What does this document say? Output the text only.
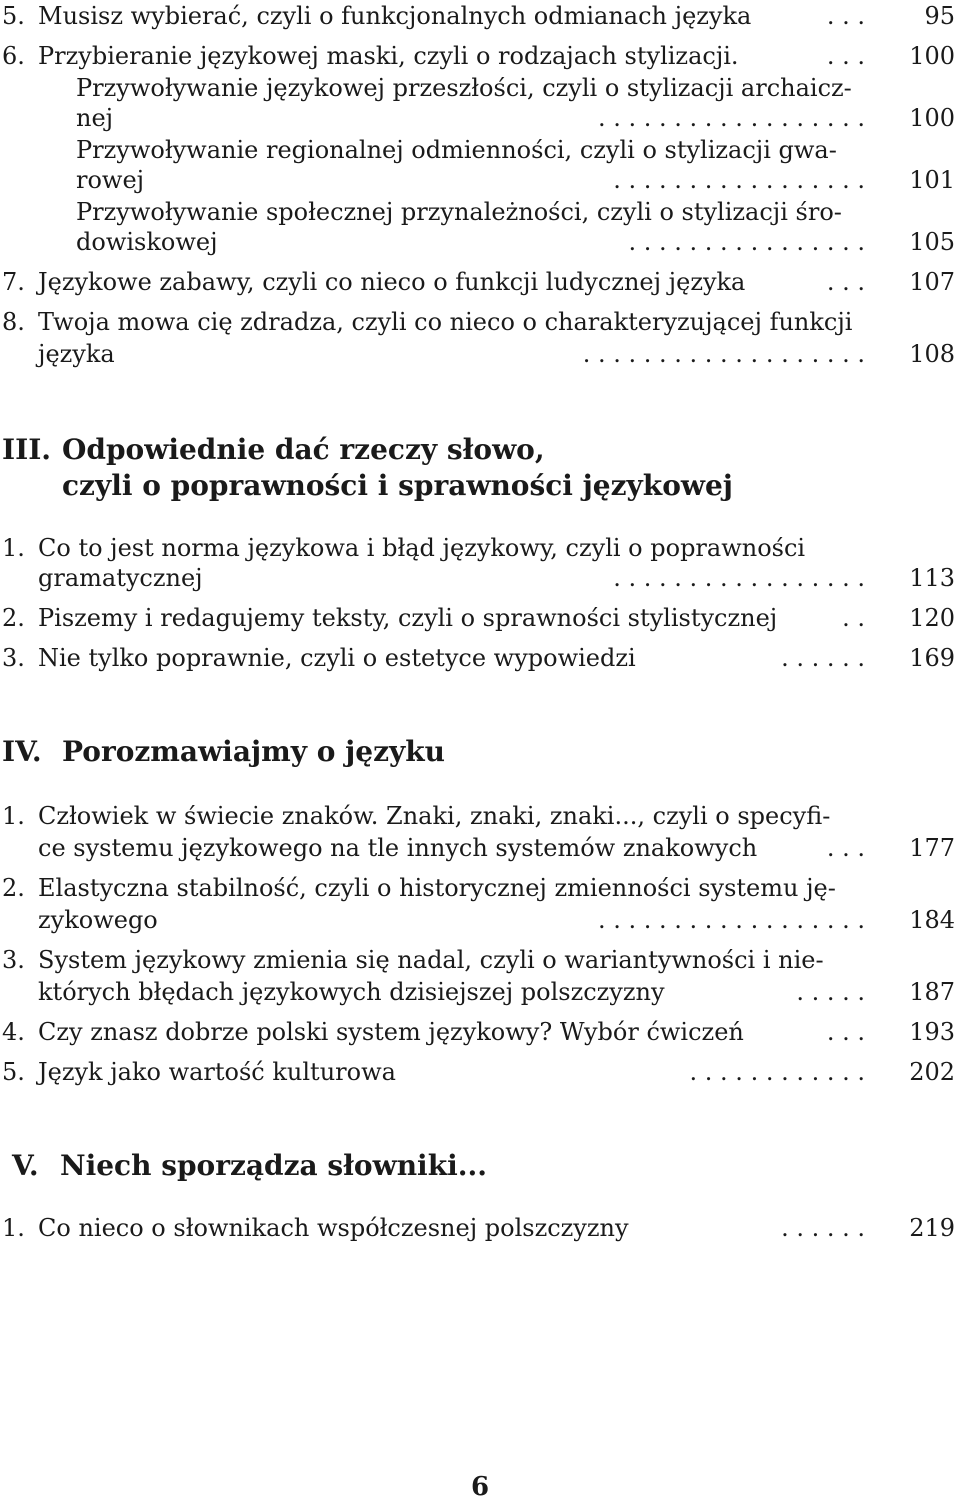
5. Musisz wybierać, czyli o funkcjonalnych odmianach języka	. . . 95
6. Przybieranie językowej maski, czyli o rodzajach stylizacji.	. . . 100
Przywoływanie językowej przeszłości, czyli o stylizacji archaicz-
nej	. . . . . . . . . . . . . . . . . . 100
Przywoływanie regionalnej odmienności, czyli o stylizacji gwa-
rowej	. . . . . . . . . . . . . . . . . 101
Przywoływanie społecznej przynależności, czyli o stylizacji śro-
dowiskowej	. . . . . . . . . . . . . . . . 105
7. Językowe zabawy, czyli co nieco o funkcji ludycznej języka	. . . 107
8. Twoja mowa cię zdradza, czyli co nieco o charakteryzującej funkcji
języka	. . . . . . . . . . . . . . . . . . . 108
III. Odpowiednie dać rzeczy słowo,
czyli o poprawności i sprawności językowej
1. Co to jest norma językowa i błąd językowy, czyli o poprawności
gramatycznej	. . . . . . . . . . . . . . . . . 113
2. Piszemy i redagujemy teksty, czyli o sprawności stylistycznej	. . 120
3. Nie tylko poprawnie, czyli o estetyce wypowiedzi	. . . . . . 169
IV. Porozmawiajmy o języku
1. Człowiek w świecie znaków. Znaki, znaki, znaki..., czyli o specyfi-
ce systemu językowego na tle innych systemów znakowych	. . . 177
2. Elastyczna stabilność, czyli o historycznej zmienności systemu ję-
zykowego	. . . . . . . . . . . . . . . . . . 184
3. System językowy zmienia się nadal, czyli o wariantywności i nie-
których błędach językowych dzisiejszej polszczyzny	. . . . . 187
4. Czy znasz dobrze polski system językowy? Wybór ćwiczeń	. . . 193
5. Język jako wartość kulturowa	. . . . . . . . . . . . 202
V. Niech sporządza słowniki...
1. Co nieco o słownikach współczesnej polszczyzny	. . . . . . 219
6
